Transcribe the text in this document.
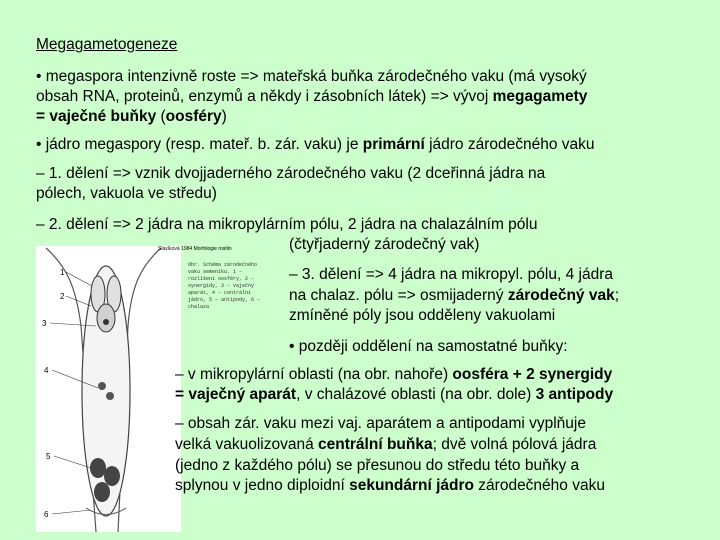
Megagametogeneze
• megaspora intenzivně roste => mateřská buňka zárodečného vaku (má vysoký
obsah RNA, proteinů, enzymů a někdy i zásobních látek) => vývoj megagamety
= vaječné buňky (oosféry)
• jádro megaspory (resp. mateř. b. zár. vaku) je primární jádro zárodečného vaku
– 1. dělení => vznik dvojjaderného zárodečného vaku (2 dceřinná jádra na
pólech, vakuola ve středu)
– 2. dělení => 2 jádra na mikropylárním pólu, 2 jádra na chalazálním pólu
(čtyřjaderný zárodečný vak)
1
2
3
4
5
6
Slavíková 1984 Morfologie rostlin
Obr. Schéma zárodečného vaku semeníku. 1 – rozlišení oosféry, 2 – synergidy, 3 – vaječný aparát, 4 – centrální jádro, 5 – antipody, 6 – chalaza
– 3. dělení => 4 jádra na mikropyl. pólu, 4 jádra
na chalaz. pólu => osmijaderný zárodečný vak;
zmíněné póly jsou odděleny vakuolami
• později oddělení na samostatné buňky:
– v mikropylární oblasti (na obr. nahoře) oosféra + 2 synergidy
= vaječný aparát, v chalázové oblasti (na obr. dole) 3 antipody
– obsah zár. vaku mezi vaj. aparátem a antipodami vyplňuje
velká vakuolizovaná centrální buňka; dvě volná pólová jádra
(jedno z každého pólu) se přesunou do středu této buňky a
splynou v jedno diploidní sekundární jádro zárodečného vaku
